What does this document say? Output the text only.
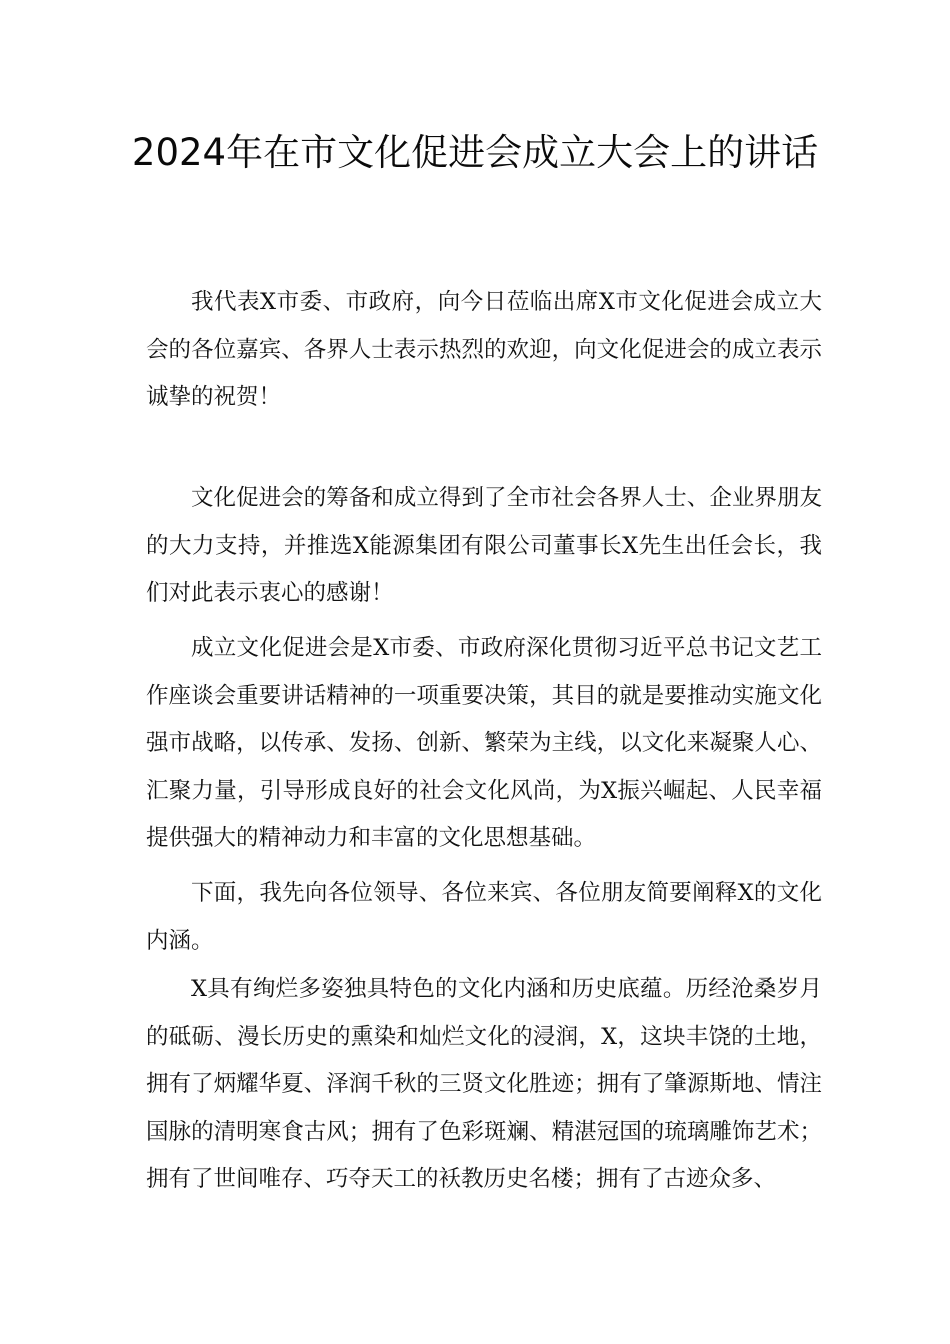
2024年在市文化促进会成立大会上的讲话

我代表X市委、市政府，向今日莅临出席X市文化促进会成立大会的各位嘉宾、各界人士表示热烈的欢迎，向文化促进会的成立表示诚挚的祝贺！

文化促进会的筹备和成立得到了全市社会各界人士、企业界朋友的大力支持，并推选X能源集团有限公司董事长X先生出任会长，我们对此表示衷心的感谢！

成立文化促进会是X市委、市政府深化贯彻习近平总书记文艺工作座谈会重要讲话精神的一项重要决策，其目的就是要推动实施文化强市战略，以传承、发扬、创新、繁荣为主线，以文化来凝聚人心、汇聚力量，引导形成良好的社会文化风尚，为X振兴崛起、人民幸福提供强大的精神动力和丰富的文化思想基础。

下面，我先向各位领导、各位来宾、各位朋友简要阐释X的文化内涵。

X具有绚烂多姿独具特色的文化内涵和历史底蕴。历经沧桑岁月的砥砺、漫长历史的熏染和灿烂文化的浸润，X，这块丰饶的土地，拥有了炳耀华夏、泽润千秋的三贤文化胜迹；拥有了肇源斯地、情注国脉的清明寒食古风；拥有了色彩斑斓、精湛冠国的琉璃雕饰艺术；拥有了世间唯存、巧夺天工的袄教历史名楼；拥有了古迹众多、
